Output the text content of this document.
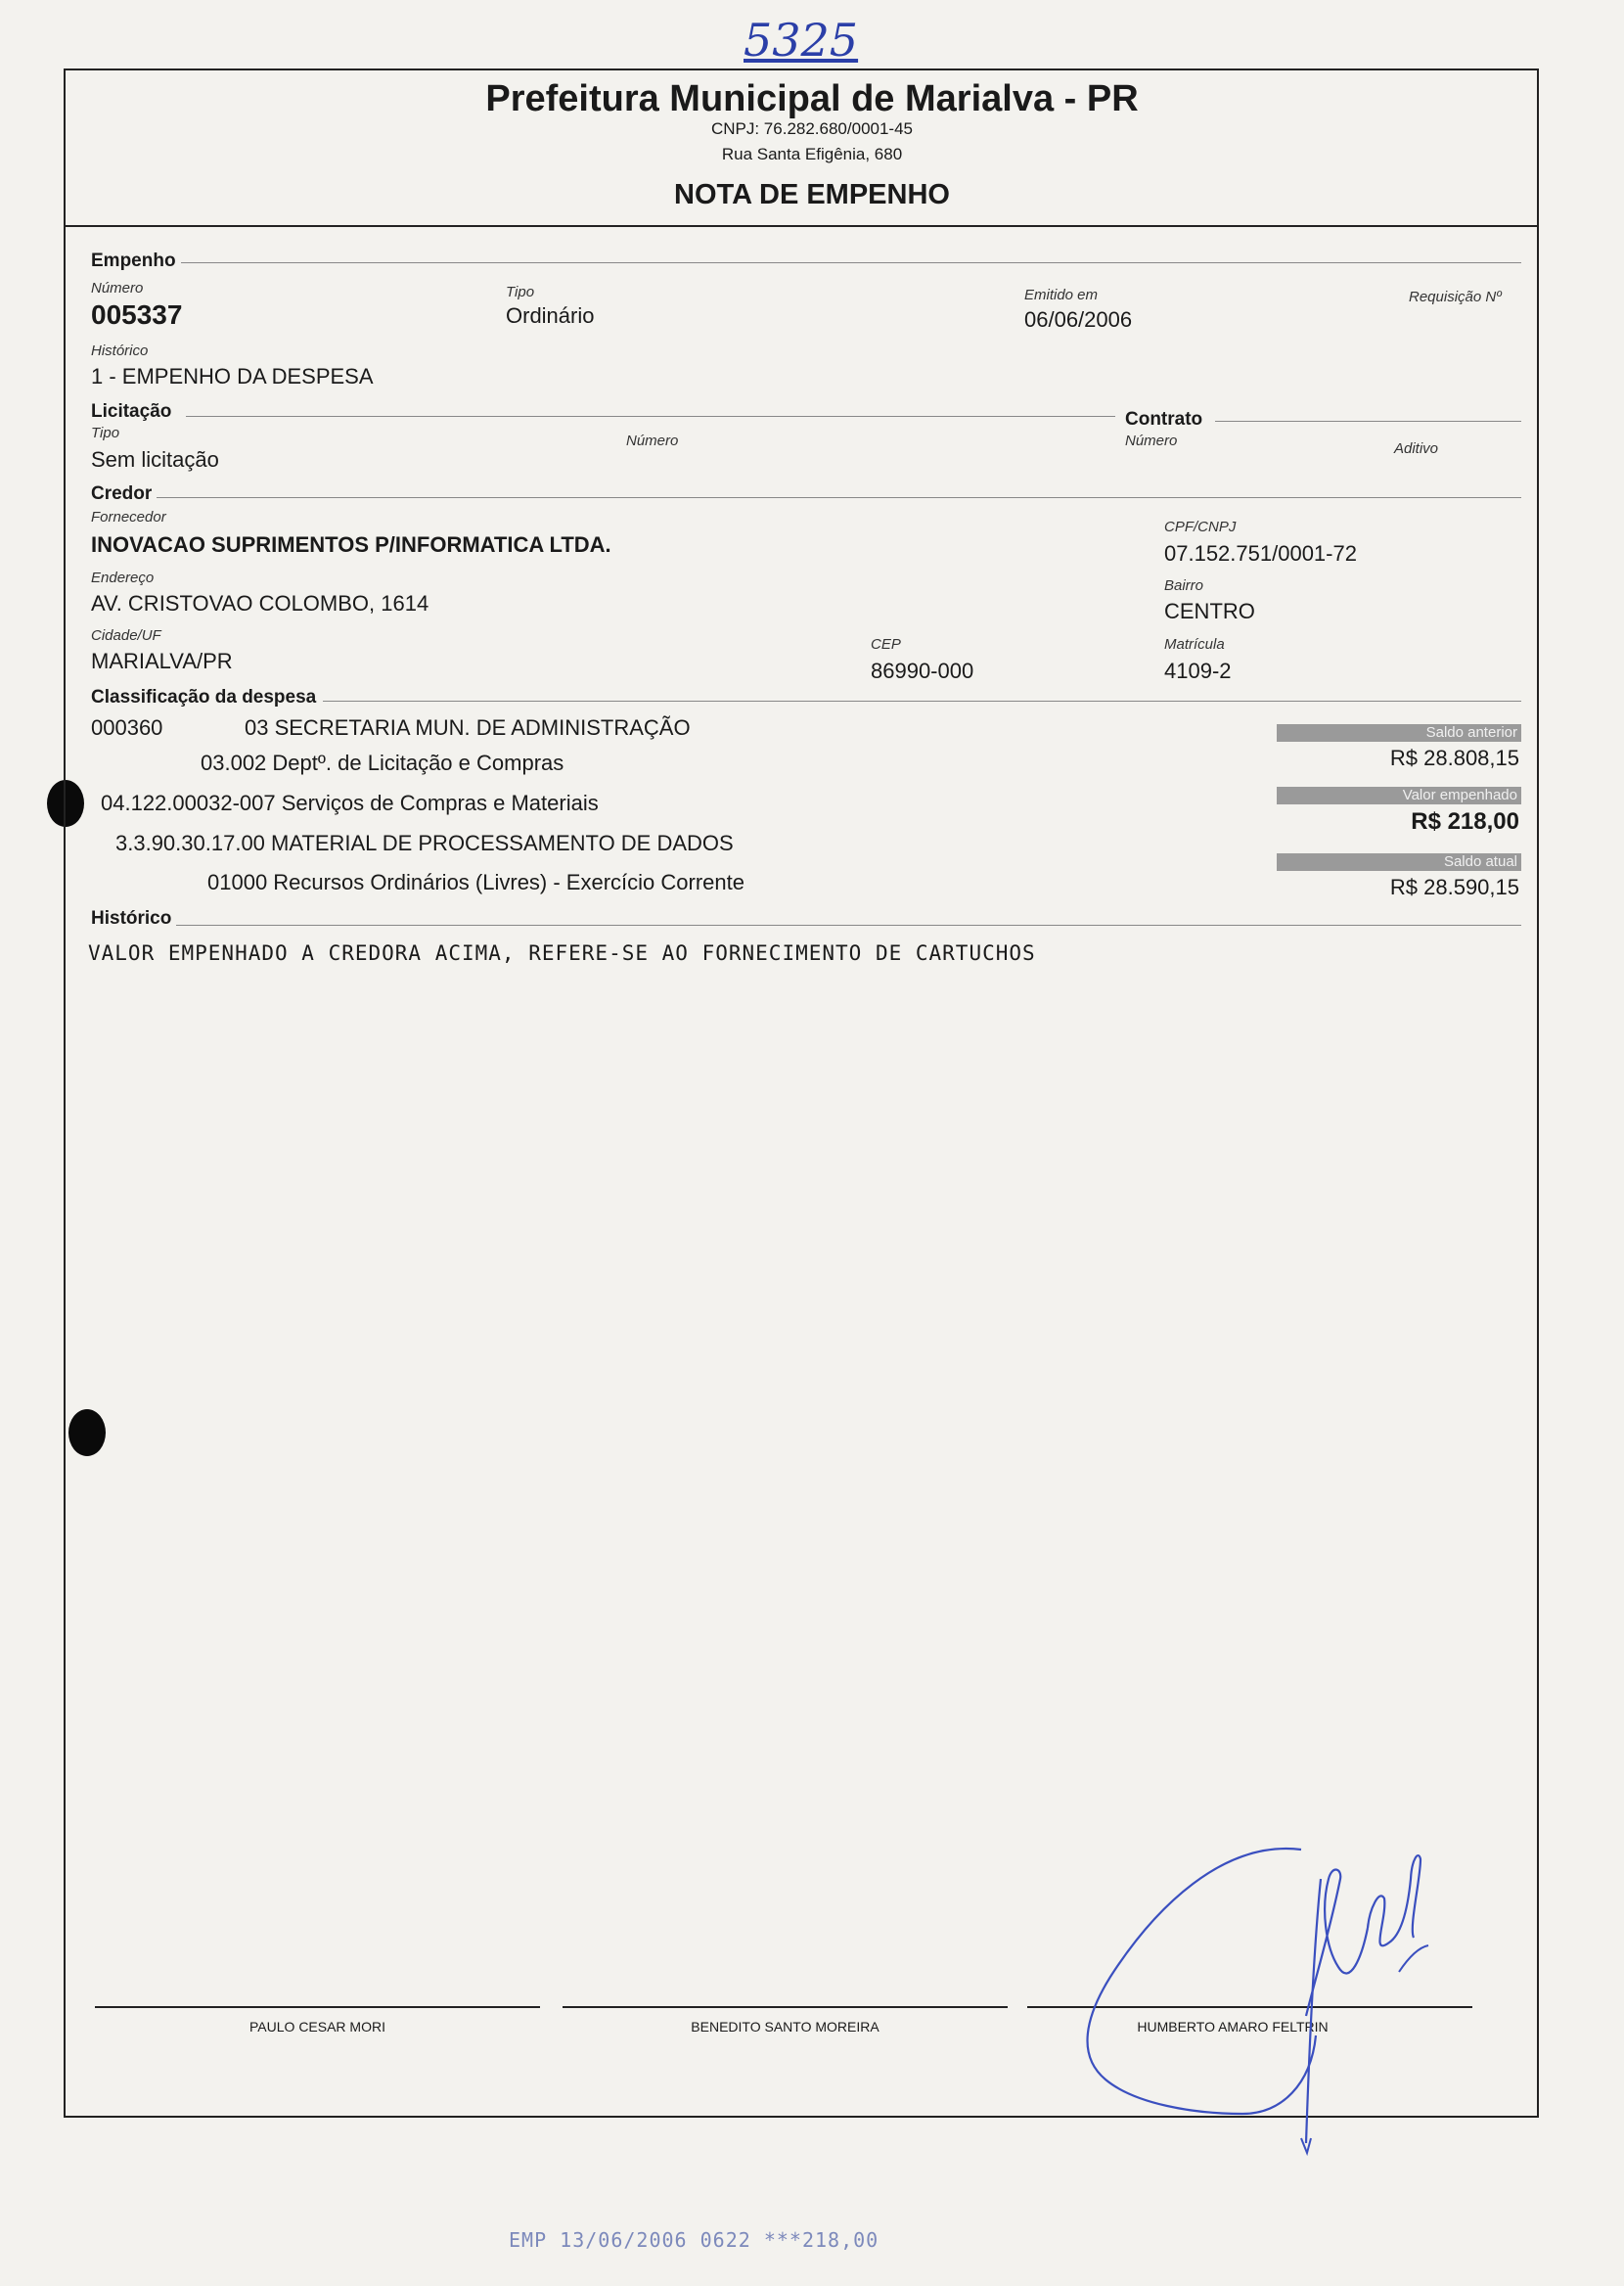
5325
Prefeitura Municipal de Marialva - PR
CNPJ: 76.282.680/0001-45
Rua Santa Efigênia, 680
NOTA DE EMPENHO
Empenho
Número
005337
Tipo
Ordinário
Emitido em
06/06/2006
Requisição Nº
Histórico
1 - EMPENHO DA DESPESA
Licitação	Contrato
Tipo
Sem licitação
Número	Número	Aditivo
Credor
Fornecedor
INOVACAO SUPRIMENTOS P/INFORMATICA LTDA.
CPF/CNPJ
07.152.751/0001-72
Endereço
AV. CRISTOVAO COLOMBO, 1614
Bairro
CENTRO
Cidade/UF
MARIALVA/PR
CEP
86990-000
Matrícula
4109-2
Classificação da despesa
000360	03 SECRETARIA MUN. DE ADMINISTRAÇÃO
03.002 Deptº. de Licitação e Compras
04.122.00032-007 Serviços de Compras e Materiais
3.3.90.30.17.00 MATERIAL DE PROCESSAMENTO DE DADOS
01000 Recursos Ordinários (Livres) - Exercício Corrente
Saldo anterior
R$ 28.808,15
Valor empenhado
R$ 218,00
Saldo atual
R$ 28.590,15
Histórico
VALOR EMPENHADO A CREDORA ACIMA, REFERE-SE AO FORNECIMENTO DE CARTUCHOS
PAULO CESAR MORI	BENEDITO SANTO MOREIRA	HUMBERTO AMARO FELTRIN
EMP 13/06/2006 0622 ***218,00
